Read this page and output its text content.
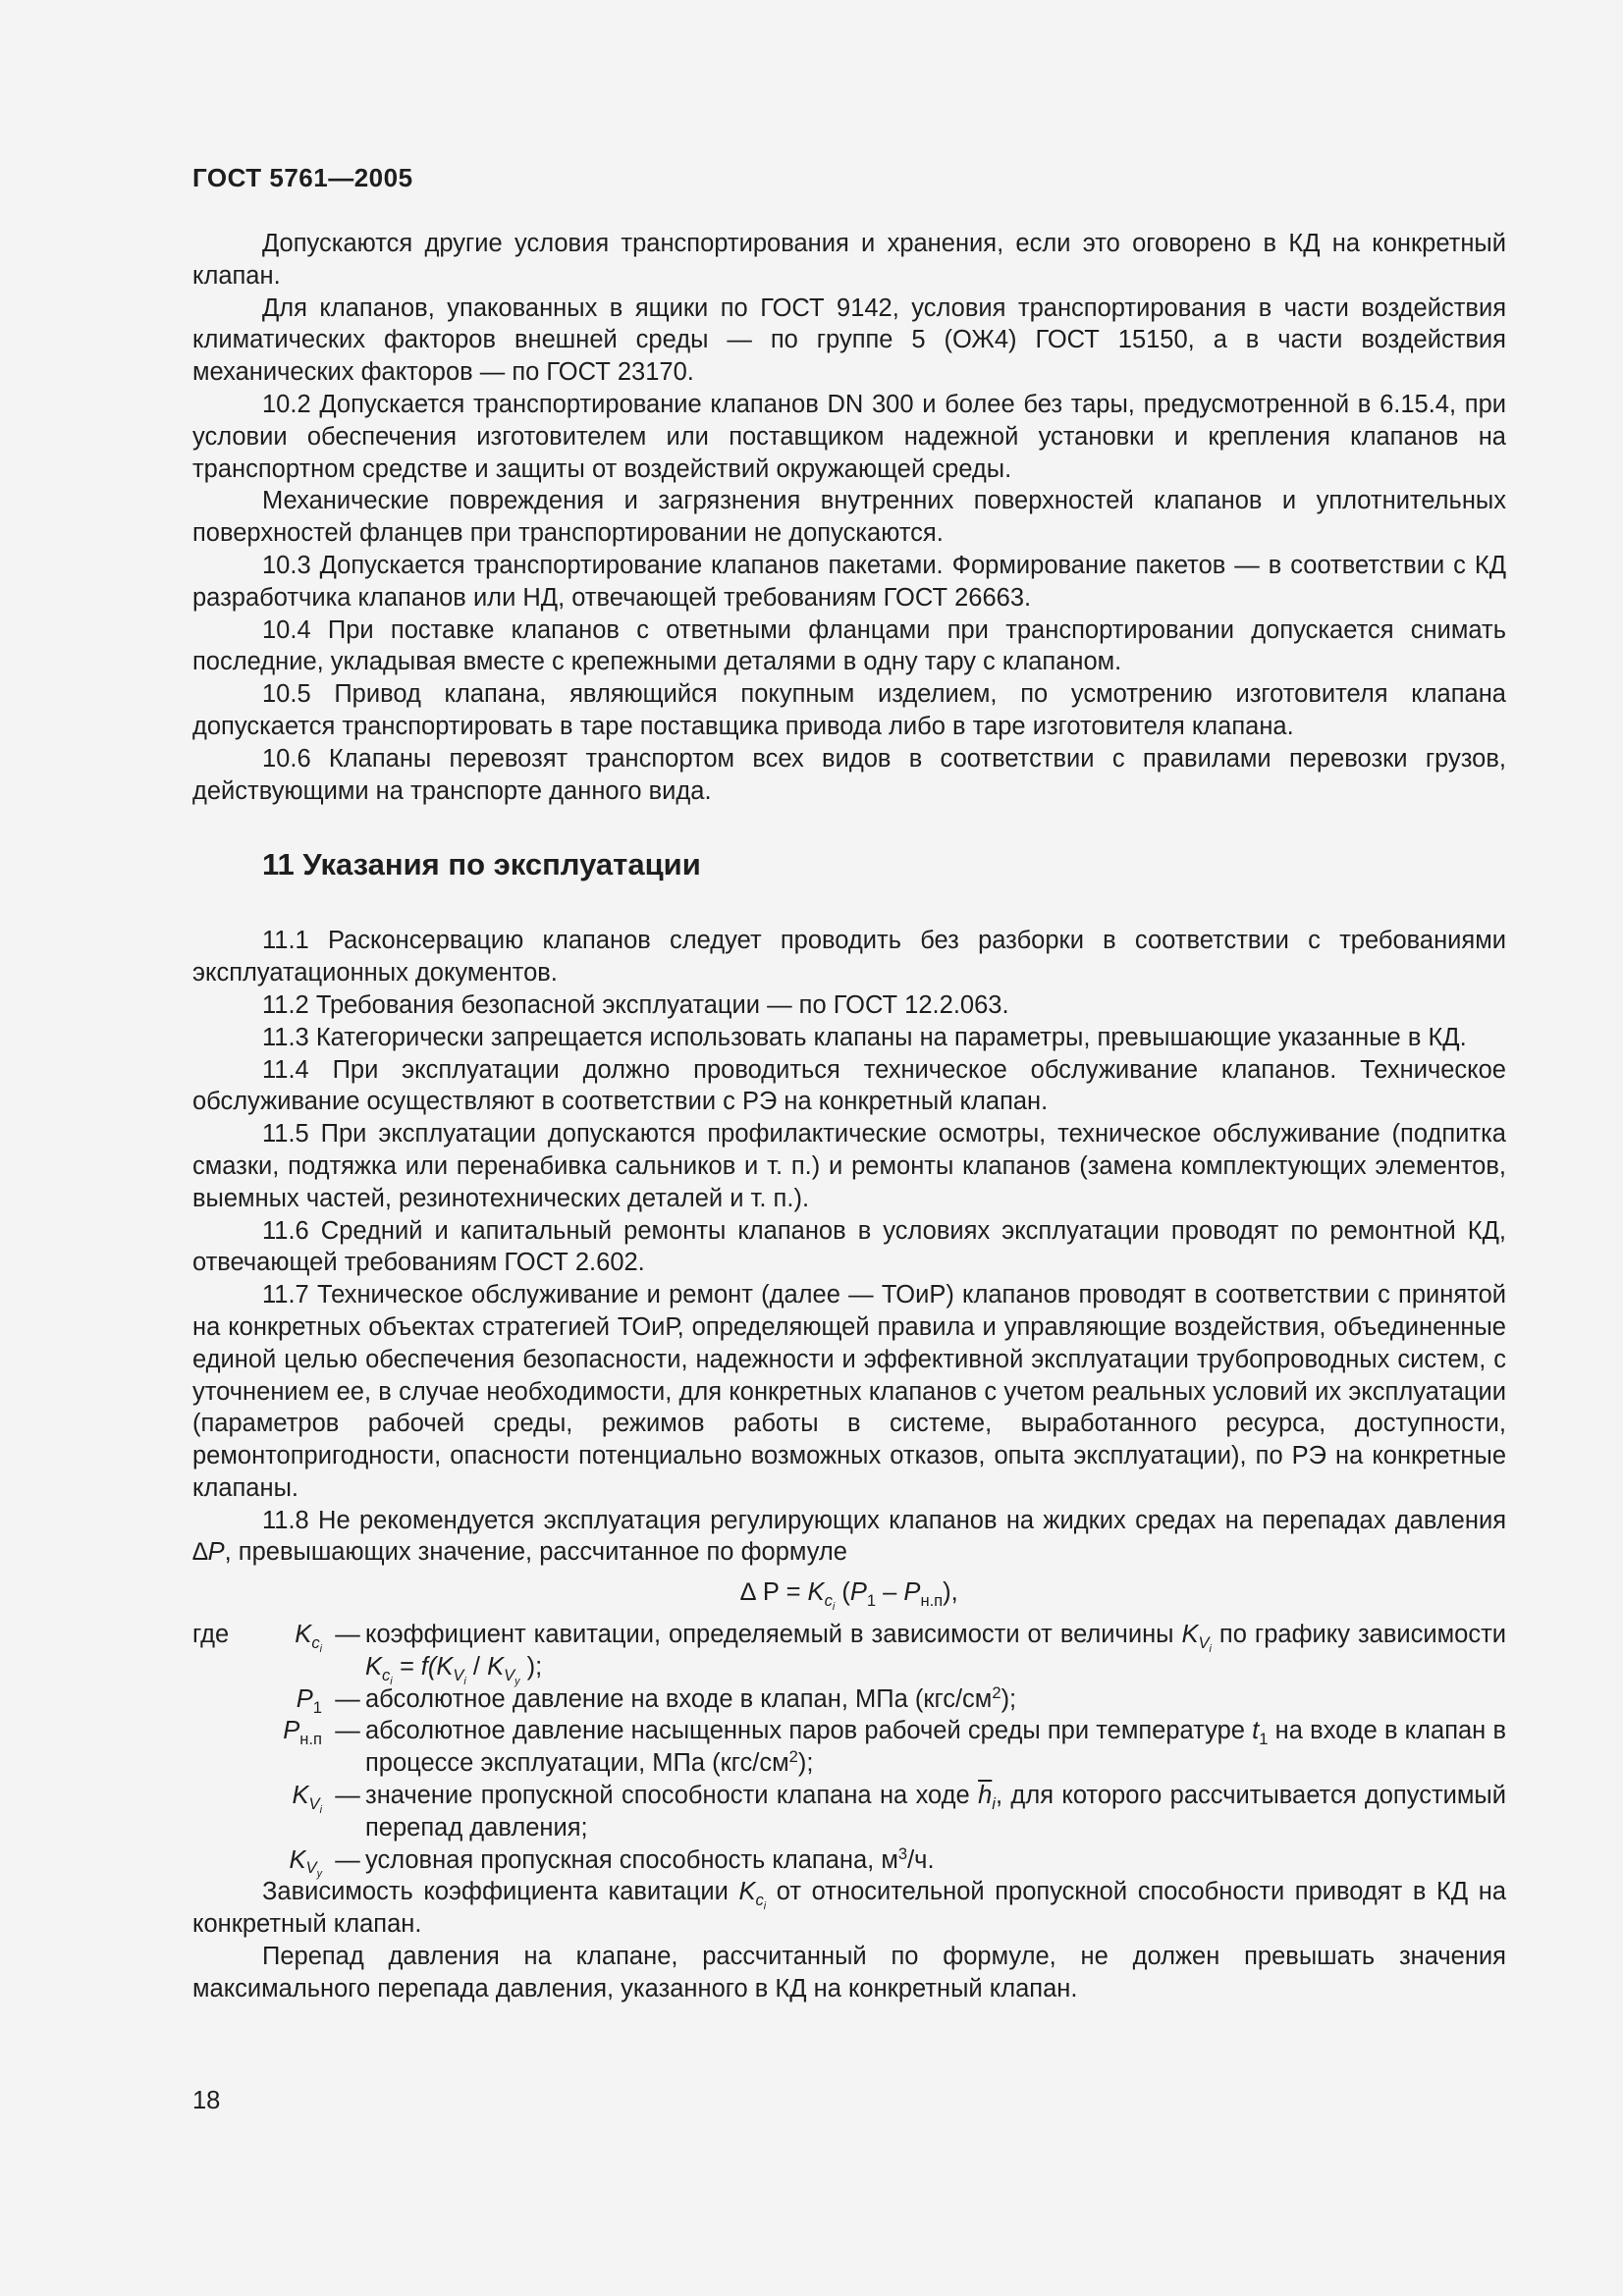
ГОСТ 5761—2005

Допускаются другие условия транспортирования и хранения, если это оговорено в КД на конкретный клапан.

Для клапанов, упакованных в ящики по ГОСТ 9142, условия транспортирования в части воздействия климатических факторов внешней среды — по группе 5 (ОЖ4) ГОСТ 15150, а в части воздействия механических факторов — по ГОСТ 23170.

10.2 Допускается транспортирование клапанов DN 300 и более без тары, предусмотренной в 6.15.4, при условии обеспечения изготовителем или поставщиком надежной установки и крепления клапанов на транспортном средстве и защиты от воздействий окружающей среды.

Механические повреждения и загрязнения внутренних поверхностей клапанов и уплотнительных поверхностей фланцев при транспортировании не допускаются.

10.3 Допускается транспортирование клапанов пакетами. Формирование пакетов — в соответствии с КД разработчика клапанов или НД, отвечающей требованиям ГОСТ 26663.

10.4 При поставке клапанов с ответными фланцами при транспортировании допускается снимать последние, укладывая вместе с крепежными деталями в одну тару с клапаном.

10.5 Привод клапана, являющийся покупным изделием, по усмотрению изготовителя клапана допускается транспортировать в таре поставщика привода либо в таре изготовителя клапана.

10.6 Клапаны перевозят транспортом всех видов в соответствии с правилами перевозки грузов, действующими на транспорте данного вида.

11 Указания по эксплуатации

11.1 Расконсервацию клапанов следует проводить без разборки в соответствии с требованиями эксплуатационных документов.

11.2 Требования безопасной эксплуатации — по ГОСТ 12.2.063.

11.3 Категорически запрещается использовать клапаны на параметры, превышающие указанные в КД.

11.4 При эксплуатации должно проводиться техническое обслуживание клапанов. Техническое обслуживание осуществляют в соответствии с РЭ на конкретный клапан.

11.5 При эксплуатации допускаются профилактические осмотры, техническое обслуживание (подпитка смазки, подтяжка или перенабивка сальников и т. п.) и ремонты клапанов (замена комплектующих элементов, выемных частей, резинотехнических деталей и т. п.).

11.6 Средний и капитальный ремонты клапанов в условиях эксплуатации проводят по ремонтной КД, отвечающей требованиям ГОСТ 2.602.

11.7 Техническое обслуживание и ремонт (далее — ТОиР) клапанов проводят в соответствии с принятой на конкретных объектах стратегией ТОиР, определяющей правила и управляющие воздействия, объединенные единой целью обеспечения безопасности, надежности и эффективной эксплуатации трубопроводных систем, с уточнением ее, в случае необходимости, для конкретных клапанов с учетом реальных условий их эксплуатации (параметров рабочей среды, режимов работы в системе, выработанного ресурса, доступности, ремонтопригодности, опасности потенциально возможных отказов, опыта эксплуатации), по РЭ на конкретные клапаны.

11.8 Не рекомендуется эксплуатация регулирующих клапанов на жидких средах на перепадах давления ∆P, превышающих значение, рассчитанное по формуле

∆ $P = K_{c_i}$ $(P_1 - P_{н.п})$,
где	$K_{c_i}$
— коэффициент кавитации, определяемый в зависимости от величины $K_{V_i}$ по графику зависимости $K_{c_i} = f(K_{V_i} / K_{V_y}$ );
$P_1$ — абсолютное давление на входе в клапан, МПа $(кгс/см^2)$;
$P_{н.п}$ — абсолютное давление насыщенных паров рабочей среды при температуре $t_1$ на входе в клапан в процессе эксплуатации, МПа $(кгс/см^2)$;
$K_{V_i}$
— значение пропускной способности клапана на ходе $\overline{h}_i$, для которого рассчитывается допустимый перепад давления;
$K_{V_y}$
— условная пропускная способность клапана, $м^3/ч$.

Зависимость коэффициента кавитации $K_{c_i}$ от относительной пропускной способности приводят в КД на конкретный клапан.

Перепад давления на клапане, рассчитанный по формуле, не должен превышать значения максимального перепада давления, указанного в КД на конкретный клапан.

18
